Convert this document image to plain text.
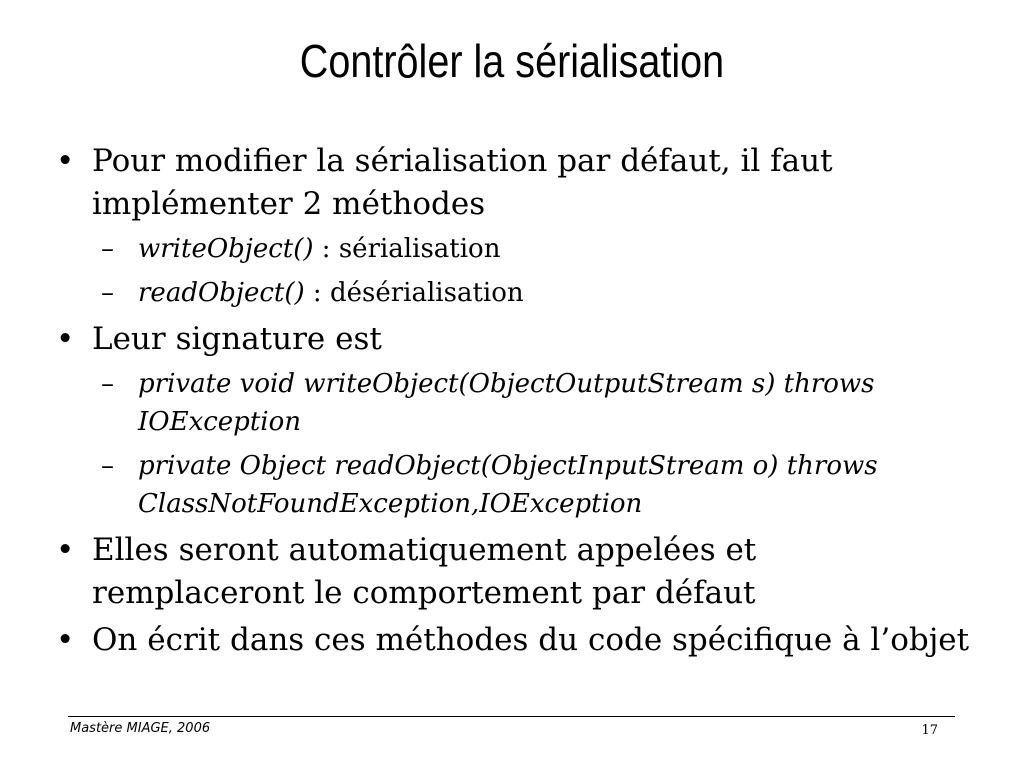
Contrôler la sérialisation
• Pour modifier la sérialisation par défaut, il faut implémenter 2 méthodes
– writeObject() : sérialisation
– readObject() : désérialisation
• Leur signature est
– private void writeObject(ObjectOutputStream s) throws IOException
– private Object readObject(ObjectInputStream o) throws ClassNotFoundException,IOException
• Elles seront automatiquement appelées et remplaceront le comportement par défaut
• On écrit dans ces méthodes du code spécifique à l’objet
Mastère MIAGE, 2006	17
